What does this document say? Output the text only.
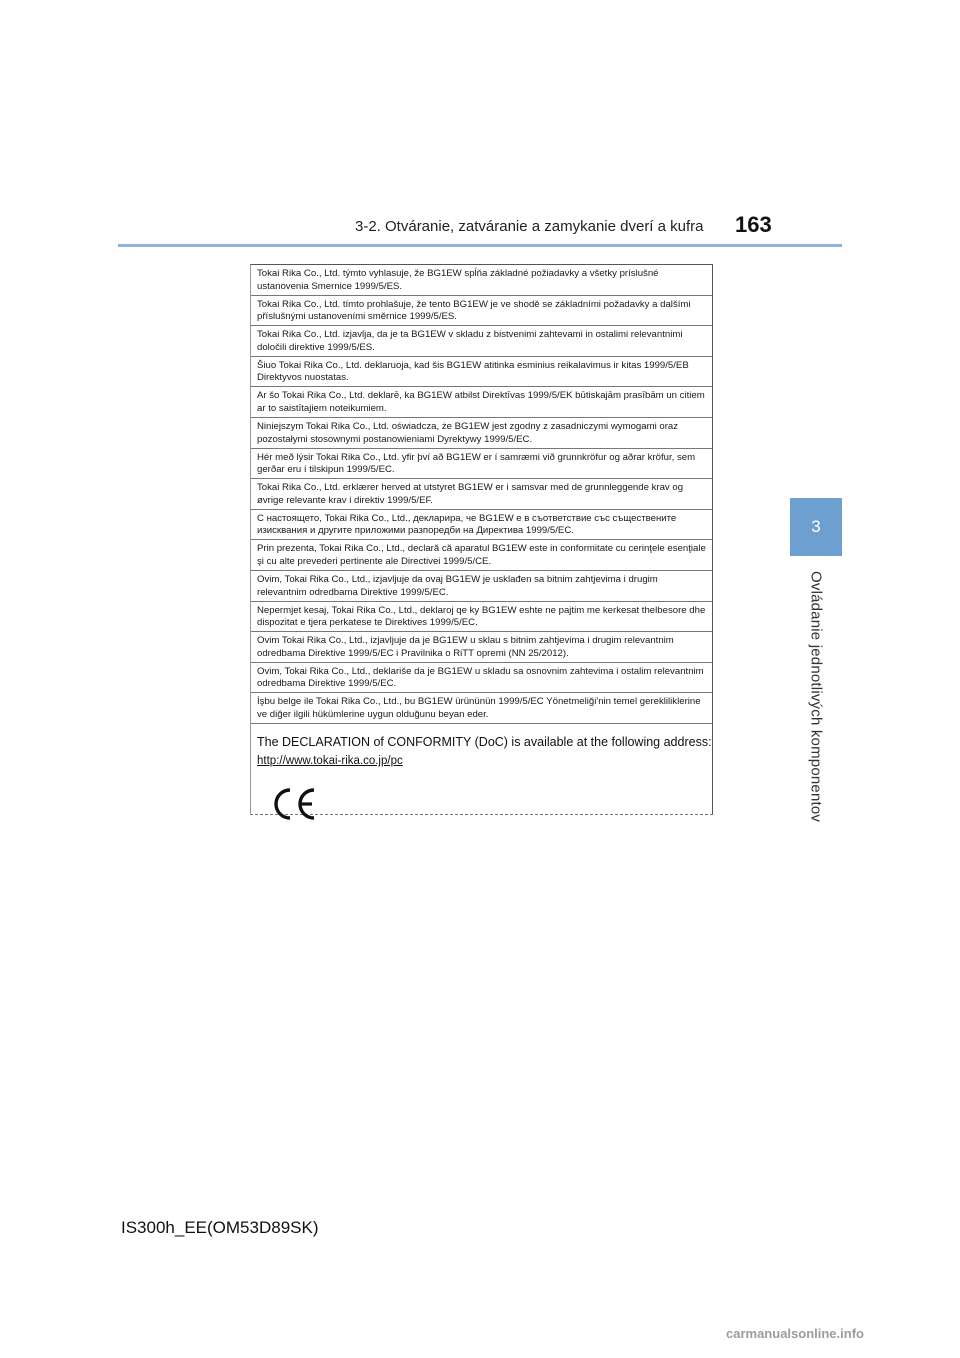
3-2. Otváranie, zatváranie a zamykanie dverí a kufra 163
3
Ovládanie jednotlivých komponentov
Tokai Rika Co., Ltd. týmto vyhlasuje, že BG1EW spĺňa základné požiadavky a všetky príslušné ustanovenia Smernice 1999/5/ES.
Tokai Rika Co., Ltd. tímto prohlašuje, že tento BG1EW je ve shodě se základními požadavky a dalšími příslušnými ustanoveními směrnice 1999/5/ES.
Tokai Rika Co., Ltd. izjavlja, da je ta BG1EW v skladu z bistvenimi zahtevami in ostalimi relevantnimi določili direktive 1999/5/ES.
Šiuo Tokai Rika Co., Ltd. deklaruoja, kad šis BG1EW atitinka esminius reikalavimus ir kitas 1999/5/EB Direktyvos nuostatas.
Ar šo Tokai Rika Co., Ltd. deklarē, ka BG1EW atbilst Direktīvas 1999/5/EK būtiskajām prasībām un citiem ar to saistītajiem noteikumiem.
Niniejszym Tokai Rika Co., Ltd. oświadcza, że BG1EW jest zgodny z zasadniczymi wymogami oraz pozostałymi stosownymi postanowieniami Dyrektywy 1999/5/EC.
Hér með lýsir Tokai Rika Co., Ltd. yfir því að BG1EW er í samræmi við grunnkröfur og aðrar kröfur, sem gerðar eru í tilskipun 1999/5/EC.
Tokai Rika Co., Ltd. erklærer herved at utstyret BG1EW er i samsvar med de grunnleggende krav og øvrige relevante krav i direktiv 1999/5/EF.
С настоящето, Tokai Rika Co., Ltd., декларира, че BG1EW е в съответствие със съществените изисквания и другите приложими разпоредби на Директива 1999/5/EC.
Prin prezenta, Tokai Rika Co., Ltd., declară că aparatul BG1EW este in conformitate cu cerinţele esenţiale şi cu alte prevederi pertinente ale Directivei 1999/5/CE.
Ovim, Tokai Rika Co., Ltd., izjavljuje da ovaj BG1EW je usklađen sa bitnim zahtjevima i drugim relevantnim odredbama Direktive 1999/5/EC.
Nepermjet kesaj, Tokai Rika Co., Ltd., deklaroj qe ky BG1EW eshte ne pajtim me kerkesat thelbesore dhe dispozitat e tjera perkatese te Direktives 1999/5/EC.
Ovim Tokai Rika Co., Ltd., izjavljuje da je BG1EW u sklau s bitnim zahtjevima i drugim relevantnim odredbama Direktive 1999/5/EC i Pravilnika o RiTT opremi (NN 25/2012).
Ovim, Tokai Rika Co., Ltd., deklariše da je BG1EW u skladu sa osnovnim zahtevima i ostalim relevantnim odredbama Direktive 1999/5/EC.
İşbu belge ile Tokai Rika Co., Ltd., bu BG1EW ürününün 1999/5/EC Yönetmeliği'nin temel gerekliliklerine ve diğer ilgili hükümlerine uygun olduğunu beyan eder.
The DECLARATION of CONFORMITY (DoC) is available at the following address:
http://www.tokai-rika.co.jp/pc
IS300h_EE(OM53D89SK)
carmanualsonline.info
